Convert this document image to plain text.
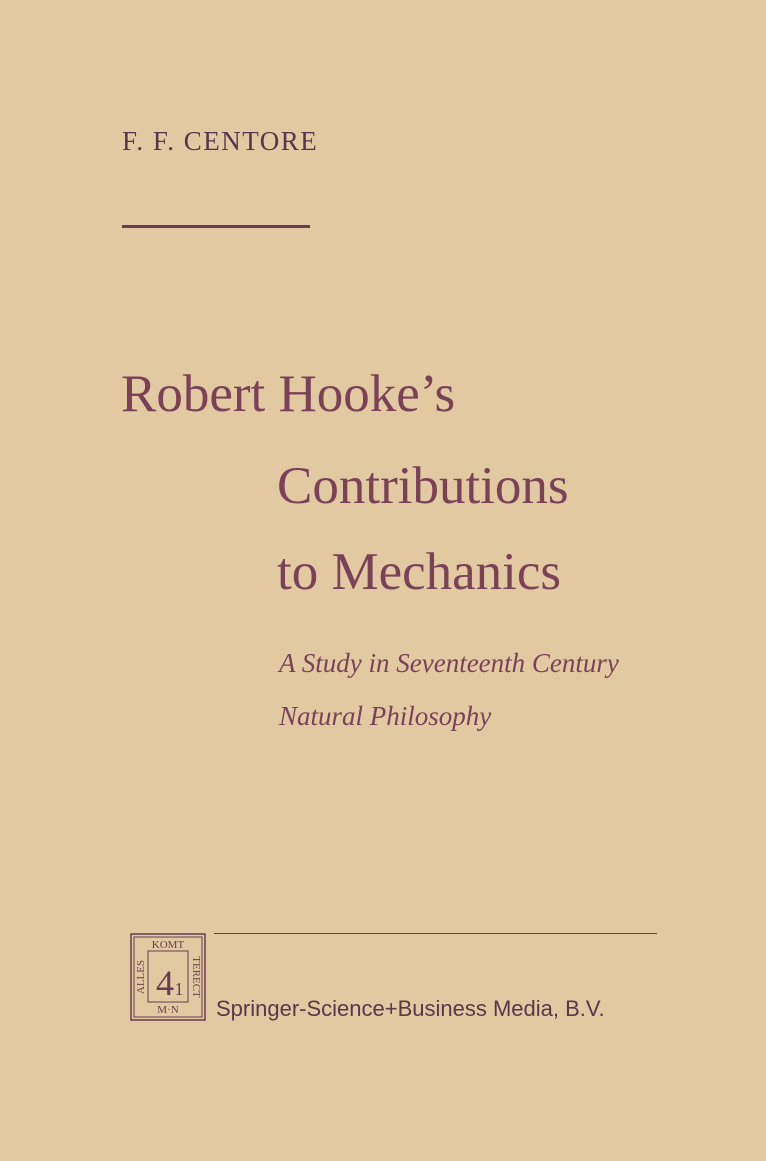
F. F. CENTORE
Robert Hooke’s
Contributions
to Mechanics
A Study in Seventeenth Century
Natural Philosophy
KOMT
M·N
ALLES	TERECT
4 1
Springer-Science+Business Media, B.V.
